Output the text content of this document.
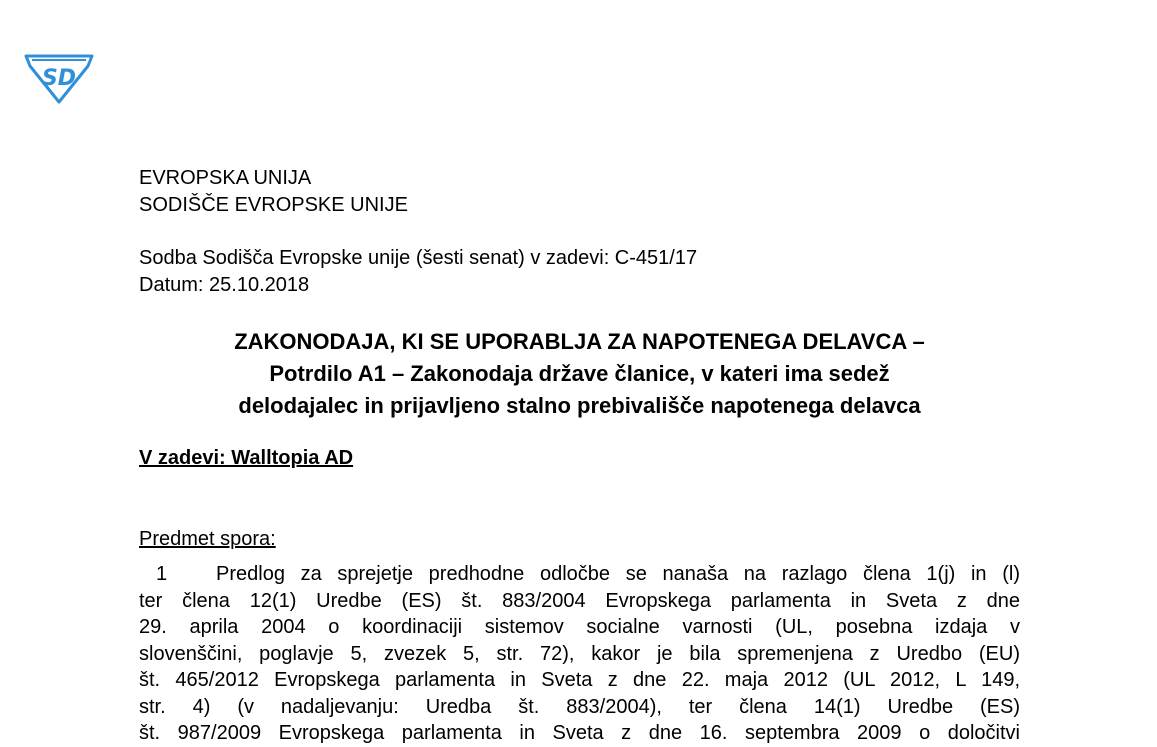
SD
EVROPSKA UNIJA
SODIŠČE EVROPSKE UNIJE
Sodba Sodišča Evropske unije (šesti senat) v zadevi: C-451/17
Datum: 25.10.2018
ZAKONODAJA, KI SE UPORABLJA ZA NAPOTENEGA DELAVCA –
Potrdilo A1 – Zakonodaja države članice, v kateri ima sedež
delodajalec in prijavljeno stalno prebivališče napotenega delavca
V zadevi: Walltopia AD
Predmet spora:
1 Predlog za sprejetje predhodne odločbe se nanaša na razlago člena 1(j) in (l)
ter člena 12(1) Uredbe (ES) št. 883/2004 Evropskega parlamenta in Sveta z dne
29. aprila 2004 o koordinaciji sistemov socialne varnosti (UL, posebna izdaja v
slovenščini, poglavje 5, zvezek 5, str. 72), kakor je bila spremenjena z Uredbo (EU)
št. 465/2012 Evropskega parlamenta in Sveta z dne 22. maja 2012 (UL 2012, L 149,
str. 4) (v nadaljevanju: Uredba št. 883/2004), ter člena 14(1) Uredbe (ES)
št. 987/2009 Evropskega parlamenta in Sveta z dne 16. septembra 2009 o določitvi
